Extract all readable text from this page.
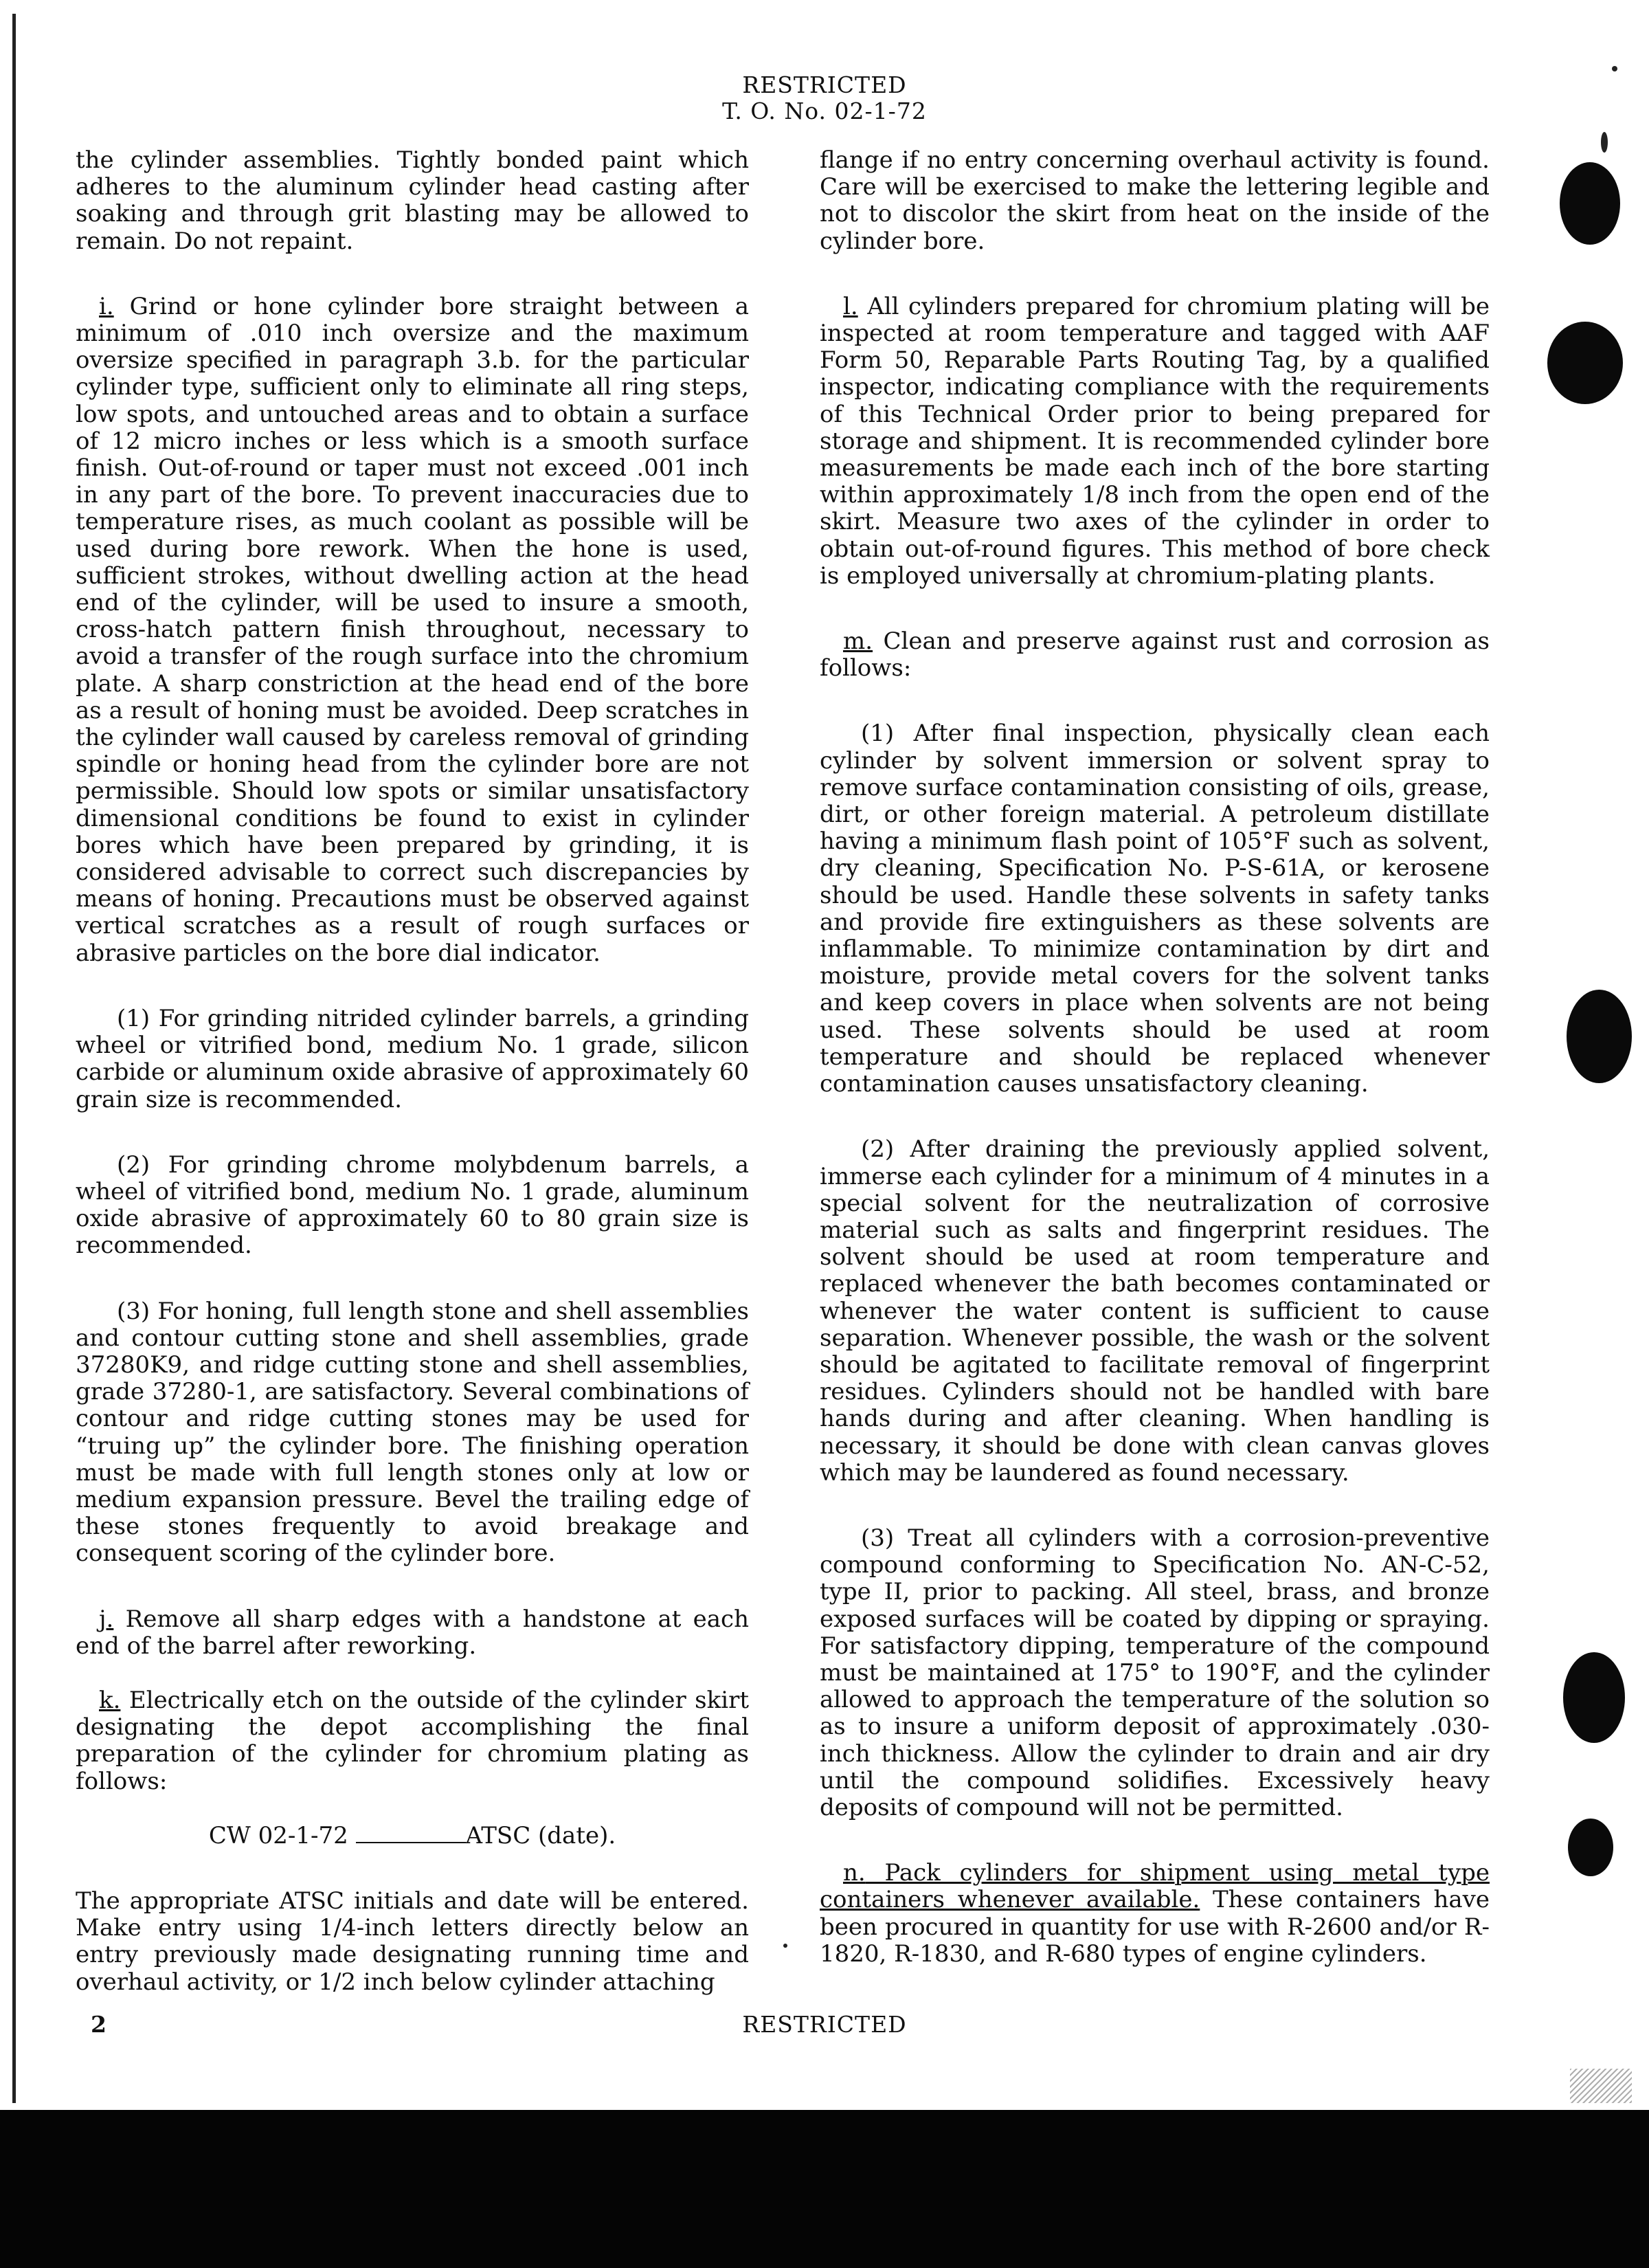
RESTRICTED
T. O. No. 02-1-72

the cylinder assemblies. Tightly bonded paint which adheres to the aluminum cylinder head casting after soaking and through grit blasting may be allowed to remain. Do not repaint.

i. Grind or hone cylinder bore straight between a minimum of .010 inch oversize and the maximum oversize specified in paragraph 3.b. for the particular cylinder type, sufficient only to eliminate all ring steps, low spots, and untouched areas and to obtain a surface of 12 micro inches or less which is a smooth surface finish. Out-of-round or taper must not exceed .001 inch in any part of the bore. To prevent inaccuracies due to temperature rises, as much coolant as possible will be used during bore rework. When the hone is used, sufficient strokes, without dwelling action at the head end of the cylinder, will be used to insure a smooth, cross-hatch pattern finish throughout, necessary to avoid a transfer of the rough surface into the chromium plate. A sharp constriction at the head end of the bore as a result of honing must be avoided. Deep scratches in the cylinder wall caused by careless removal of grinding spindle or honing head from the cylinder bore are not permissible. Should low spots or similar unsatisfactory dimensional conditions be found to exist in cylinder bores which have been prepared by grinding, it is considered advisable to correct such discrepancies by means of honing. Precautions must be observed against vertical scratches as a result of rough surfaces or abrasive particles on the bore dial indicator.

(1) For grinding nitrided cylinder barrels, a grinding wheel or vitrified bond, medium No. 1 grade, silicon carbide or aluminum oxide abrasive of approximately 60 grain size is recommended.

(2) For grinding chrome molybdenum barrels, a wheel of vitrified bond, medium No. 1 grade, aluminum oxide abrasive of approximately 60 to 80 grain size is recommended.

(3) For honing, full length stone and shell assemblies and contour cutting stone and shell assemblies, grade 37280K9, and ridge cutting stone and shell assemblies, grade 37280-1, are satisfactory. Several combinations of contour and ridge cutting stones may be used for “truing up” the cylinder bore. The finishing operation must be made with full length stones only at low or medium expansion pressure. Bevel the trailing edge of these stones frequently to avoid breakage and consequent scoring of the cylinder bore.

j. Remove all sharp edges with a handstone at each end of the barrel after reworking.

k. Electrically etch on the outside of the cylinder skirt designating the depot accomplishing the final preparation of the cylinder for chromium plating as follows:

CW 02-1-72	ATSC (date).

The appropriate ATSC initials and date will be entered. Make entry using 1/4-inch letters directly below an entry previously made designating running time and overhaul activity, or 1/2 inch below cylinder attaching

flange if no entry concerning overhaul activity is found. Care will be exercised to make the lettering legible and not to discolor the skirt from heat on the inside of the cylinder bore.

l. All cylinders prepared for chromium plating will be inspected at room temperature and tagged with AAF Form 50, Reparable Parts Routing Tag, by a qualified inspector, indicating compliance with the requirements of this Technical Order prior to being prepared for storage and shipment. It is recommended cylinder bore measurements be made each inch of the bore starting within approximately 1/8 inch from the open end of the skirt. Measure two axes of the cylinder in order to obtain out-of-round figures. This method of bore check is employed universally at chromium-plating plants.

m. Clean and preserve against rust and corrosion as follows:

(1) After final inspection, physically clean each cylinder by solvent immersion or solvent spray to remove surface contamination consisting of oils, grease, dirt, or other foreign material. A petroleum distillate having a minimum flash point of 105°F such as solvent, dry cleaning, Specification No. P-S-61A, or kerosene should be used. Handle these solvents in safety tanks and provide fire extinguishers as these solvents are inflammable. To minimize contamination by dirt and moisture, provide metal covers for the solvent tanks and keep covers in place when solvents are not being used. These solvents should be used at room temperature and should be replaced whenever contamination causes unsatisfactory cleaning.

(2) After draining the previously applied solvent, immerse each cylinder for a minimum of 4 minutes in a special solvent for the neutralization of corrosive material such as salts and fingerprint residues. The solvent should be used at room temperature and replaced whenever the bath becomes contaminated or whenever the water content is sufficient to cause separation. Whenever possible, the wash or the solvent should be agitated to facilitate removal of fingerprint residues. Cylinders should not be handled with bare hands during and after cleaning. When handling is necessary, it should be done with clean canvas gloves which may be laundered as found necessary.

(3) Treat all cylinders with a corrosion-preventive compound conforming to Specification No. AN-C-52, type II, prior to packing. All steel, brass, and bronze exposed surfaces will be coated by dipping or spraying. For satisfactory dipping, temperature of the compound must be maintained at 175° to 190°F, and the cylinder allowed to approach the temperature of the solution so as to insure a uniform deposit of approximately .030-inch thickness. Allow the cylinder to drain and air dry until the compound solidifies. Excessively heavy deposits of compound will not be permitted.

n. Pack cylinders for shipment using metal type containers whenever available. These containers have been procured in quantity for use with R-2600 and/or R-1820, R-1830, and R-680 types of engine cylinders.

2	RESTRICTED
